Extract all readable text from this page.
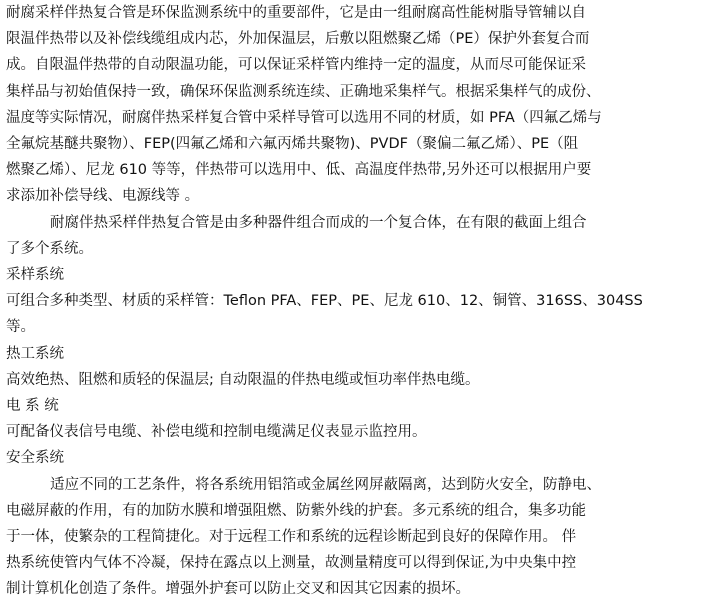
耐腐采样伴热复合管是环保监测系统中的重要部件，它是由一组耐腐高性能树脂导管辅以自
限温伴热带以及补偿线缆组成内芯，外加保温层，后敷以阻燃聚乙烯（PE）保护外套复合而
成。自限温伴热带的自动限温功能，可以保证采样管内维持一定的温度，从而尽可能保证采
集样品与初始值保持一致，确保环保监测系统连续、正确地采集样气。根据采集样气的成份、
温度等实际情况，耐腐伴热采样复合管中采样导管可以选用不同的材质，如 PFA（四氟乙烯与
全氟烷基醚共聚物）、FEP(四氟乙烯和六氟丙烯共聚物)、PVDF（聚偏二氟乙烯）、PE（阻
燃聚乙烯）、尼龙 610 等等，伴热带可以选用中、低、高温度伴热带,另外还可以根据用户要
求添加补偿导线、电源线等 。
耐腐伴热采样伴热复合管是由多种器件组合而成的一个复合体，在有限的截面上组合
了多个系统。
采样系统
可组合多种类型、材质的采样管：Teflon PFA、FEP、PE、尼龙 610、12、铜管、316SS、304SS
等。
热工系统
高效绝热、阻燃和质轻的保温层; 自动限温的伴热电缆或恒功率伴热电缆。
电 系 统
可配备仪表信号电缆、补偿电缆和控制电缆满足仪表显示监控用。
安全系统
适应不同的工艺条件，将各系统用铝箔或金属丝网屏蔽隔离，达到防火安全，防静电、
电磁屏蔽的作用，有的加防水膜和增强阻燃、防紫外线的护套。多元系统的组合，集多功能
于一体，使繁杂的工程简捷化。对于远程工作和系统的远程诊断起到良好的保障作用。 伴
热系统使管内气体不冷凝，保持在露点以上测量，故测量精度可以得到保证,为中央集中控
制计算机化创造了条件。增强外护套可以防止交叉和因其它因素的损坏。
